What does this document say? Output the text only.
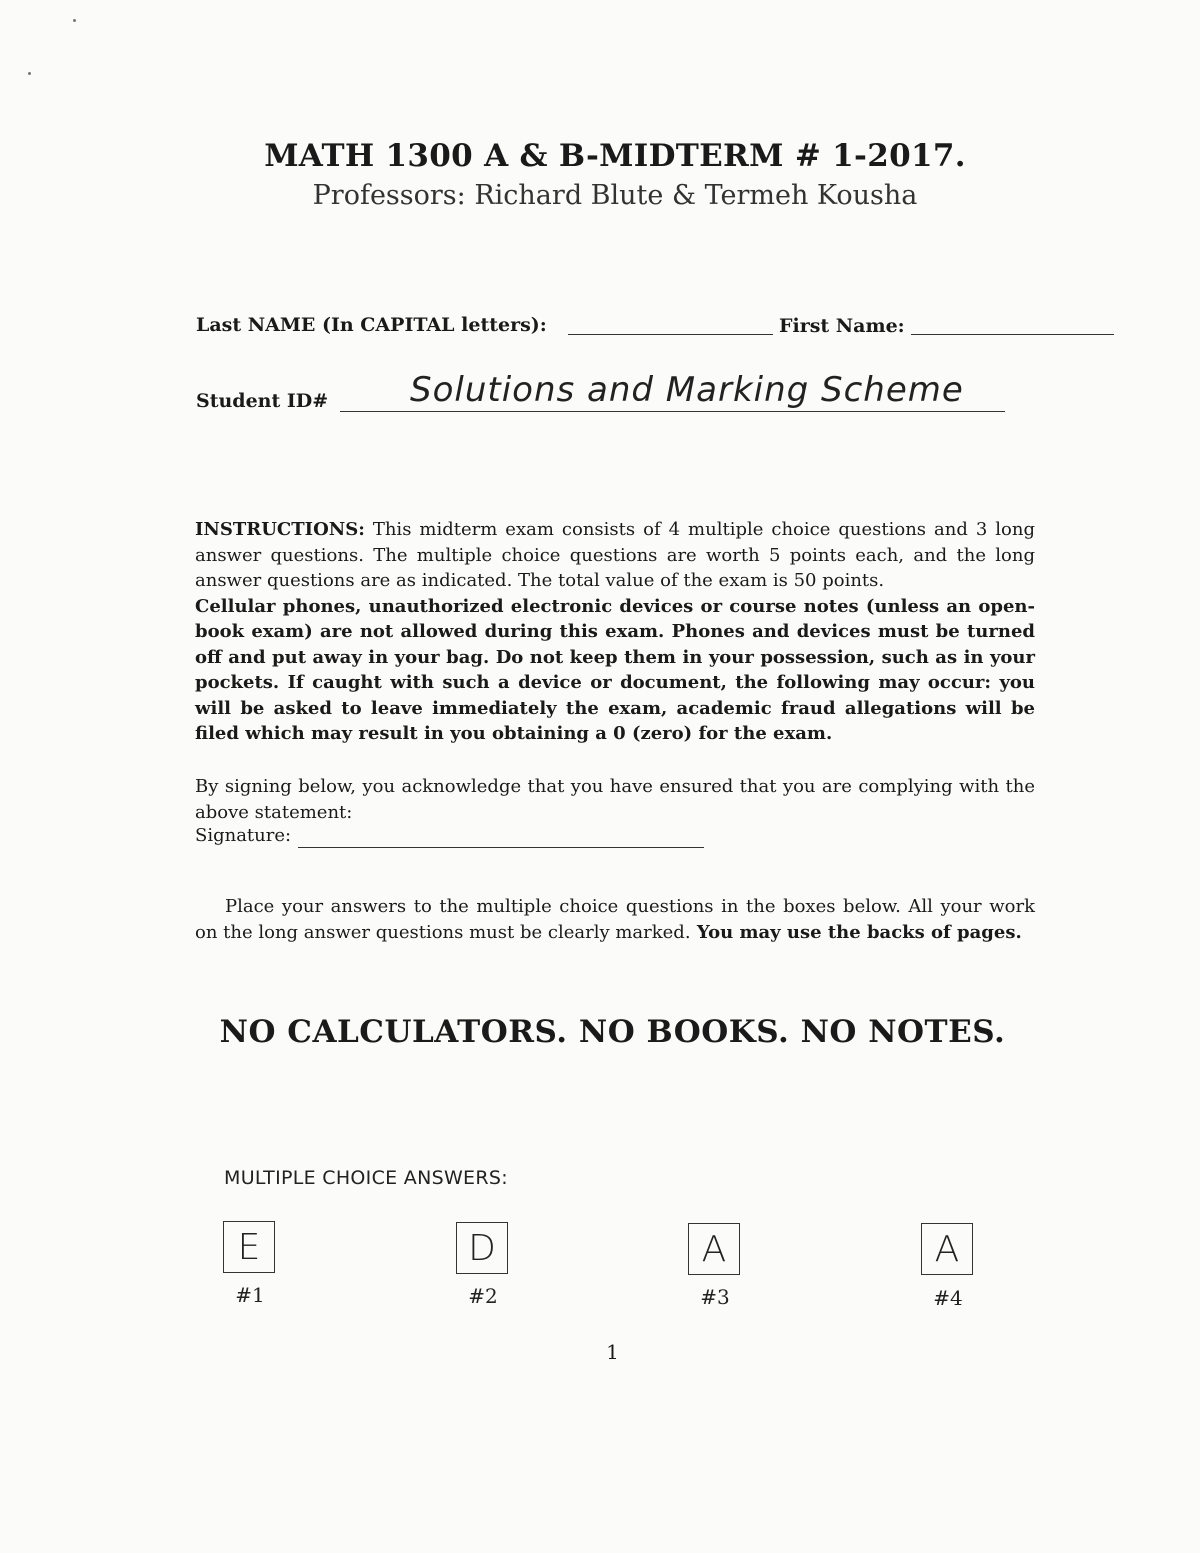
MATH 1300 A & B-MIDTERM # 1-2017.
Professors: Richard Blute & Termeh Kousha
Last NAME (In CAPITAL letters):	First Name:
Student ID# Solutions and Marking Scheme
INSTRUCTIONS: This midterm exam consists of 4 multiple choice questions and 3 long answer questions. The multiple choice questions are worth 5 points each, and the long answer questions are as indicated. The total value of the exam is 50 points.
Cellular phones, unauthorized electronic devices or course notes (unless an open-book exam) are not allowed during this exam. Phones and devices must be turned off and put away in your bag. Do not keep them in your possession, such as in your pockets. If caught with such a device or document, the following may occur: you will be asked to leave immediately the exam, academic fraud allegations will be filed which may result in you obtaining a 0 (zero) for the exam.
By signing below, you acknowledge that you have ensured that you are complying with the above statement:
Signature:
Place your answers to the multiple choice questions in the boxes below. All your work on the long answer questions must be clearly marked. You may use the backs of pages.
NO CALCULATORS. NO BOOKS. NO NOTES.
MULTIPLE CHOICE ANSWERS:
E
#1
D
#2
A
#3
A
#4
1
